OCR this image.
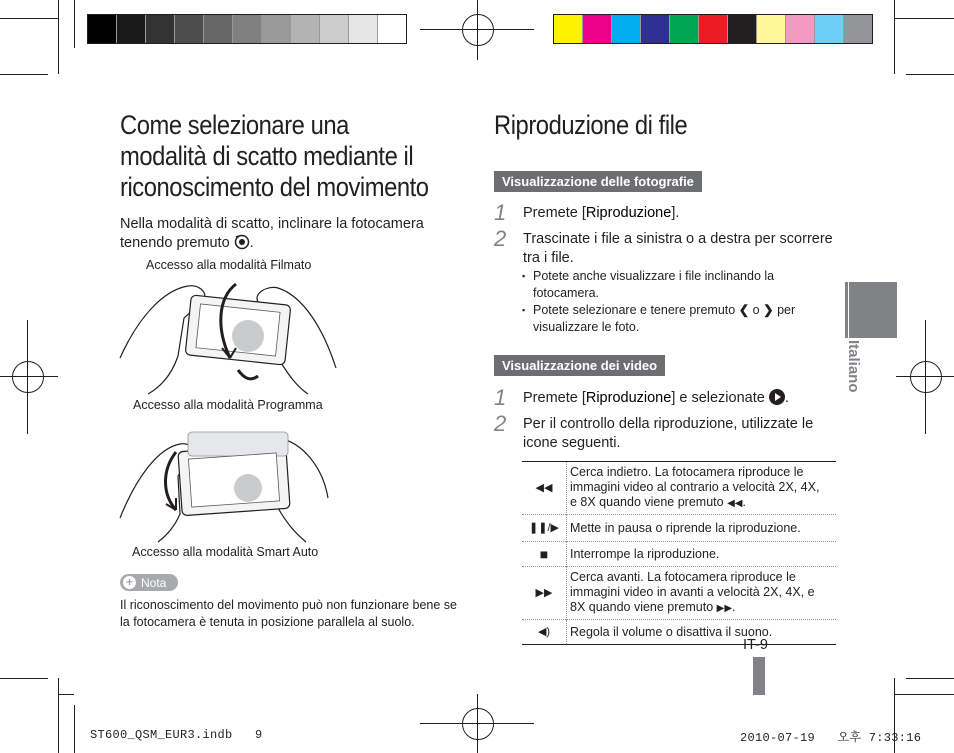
Come selezionare una
modalità di scatto mediante il
riconoscimento del movimento
Nella modalità di scatto, inclinare la fotocamera
tenendo premuto .
Accesso alla modalità Filmato
Accesso alla modalità Programma
Accesso alla modalità Smart Auto
+ Nota
Il riconoscimento del movimento può non funzionare bene se
la fotocamera è tenuta in posizione parallela al suolo.
Riproduzione di file
Visualizzazione delle fotografie
1 Premete [Riproduzione].
2 Trascinate i file a sinistra o a destra per scorrere
tra i file.
▪ Potete anche visualizzare i file inclinando la
fotocamera.
▪ Potete selezionare e tenere premuto ❮ o ❯ per
visualizzare le foto.
Visualizzazione dei video
1 Premete [Riproduzione] e selezionate .
2 Per il controllo della riproduzione, utilizzate le
icone seguenti.
◀◀	Cerca indietro. La fotocamera riproduce le
immagini video al contrario a velocità 2X, 4X,
e 8X quando viene premuto ◀◀.
❚❚/▶	Mette in pausa o riprende la riproduzione.
■	Interrompe la riproduzione.
▶▶	Cerca avanti. La fotocamera riproduce le
immagini video in avanti a velocità 2X, 4X, e
8X quando viene premuto ▶▶.
◀)	Regola il volume o disattiva il suono.
IT-9
Italiano
ST600_QSM_EUR3.indb   9	2010-07-19   오후 7:33:16
